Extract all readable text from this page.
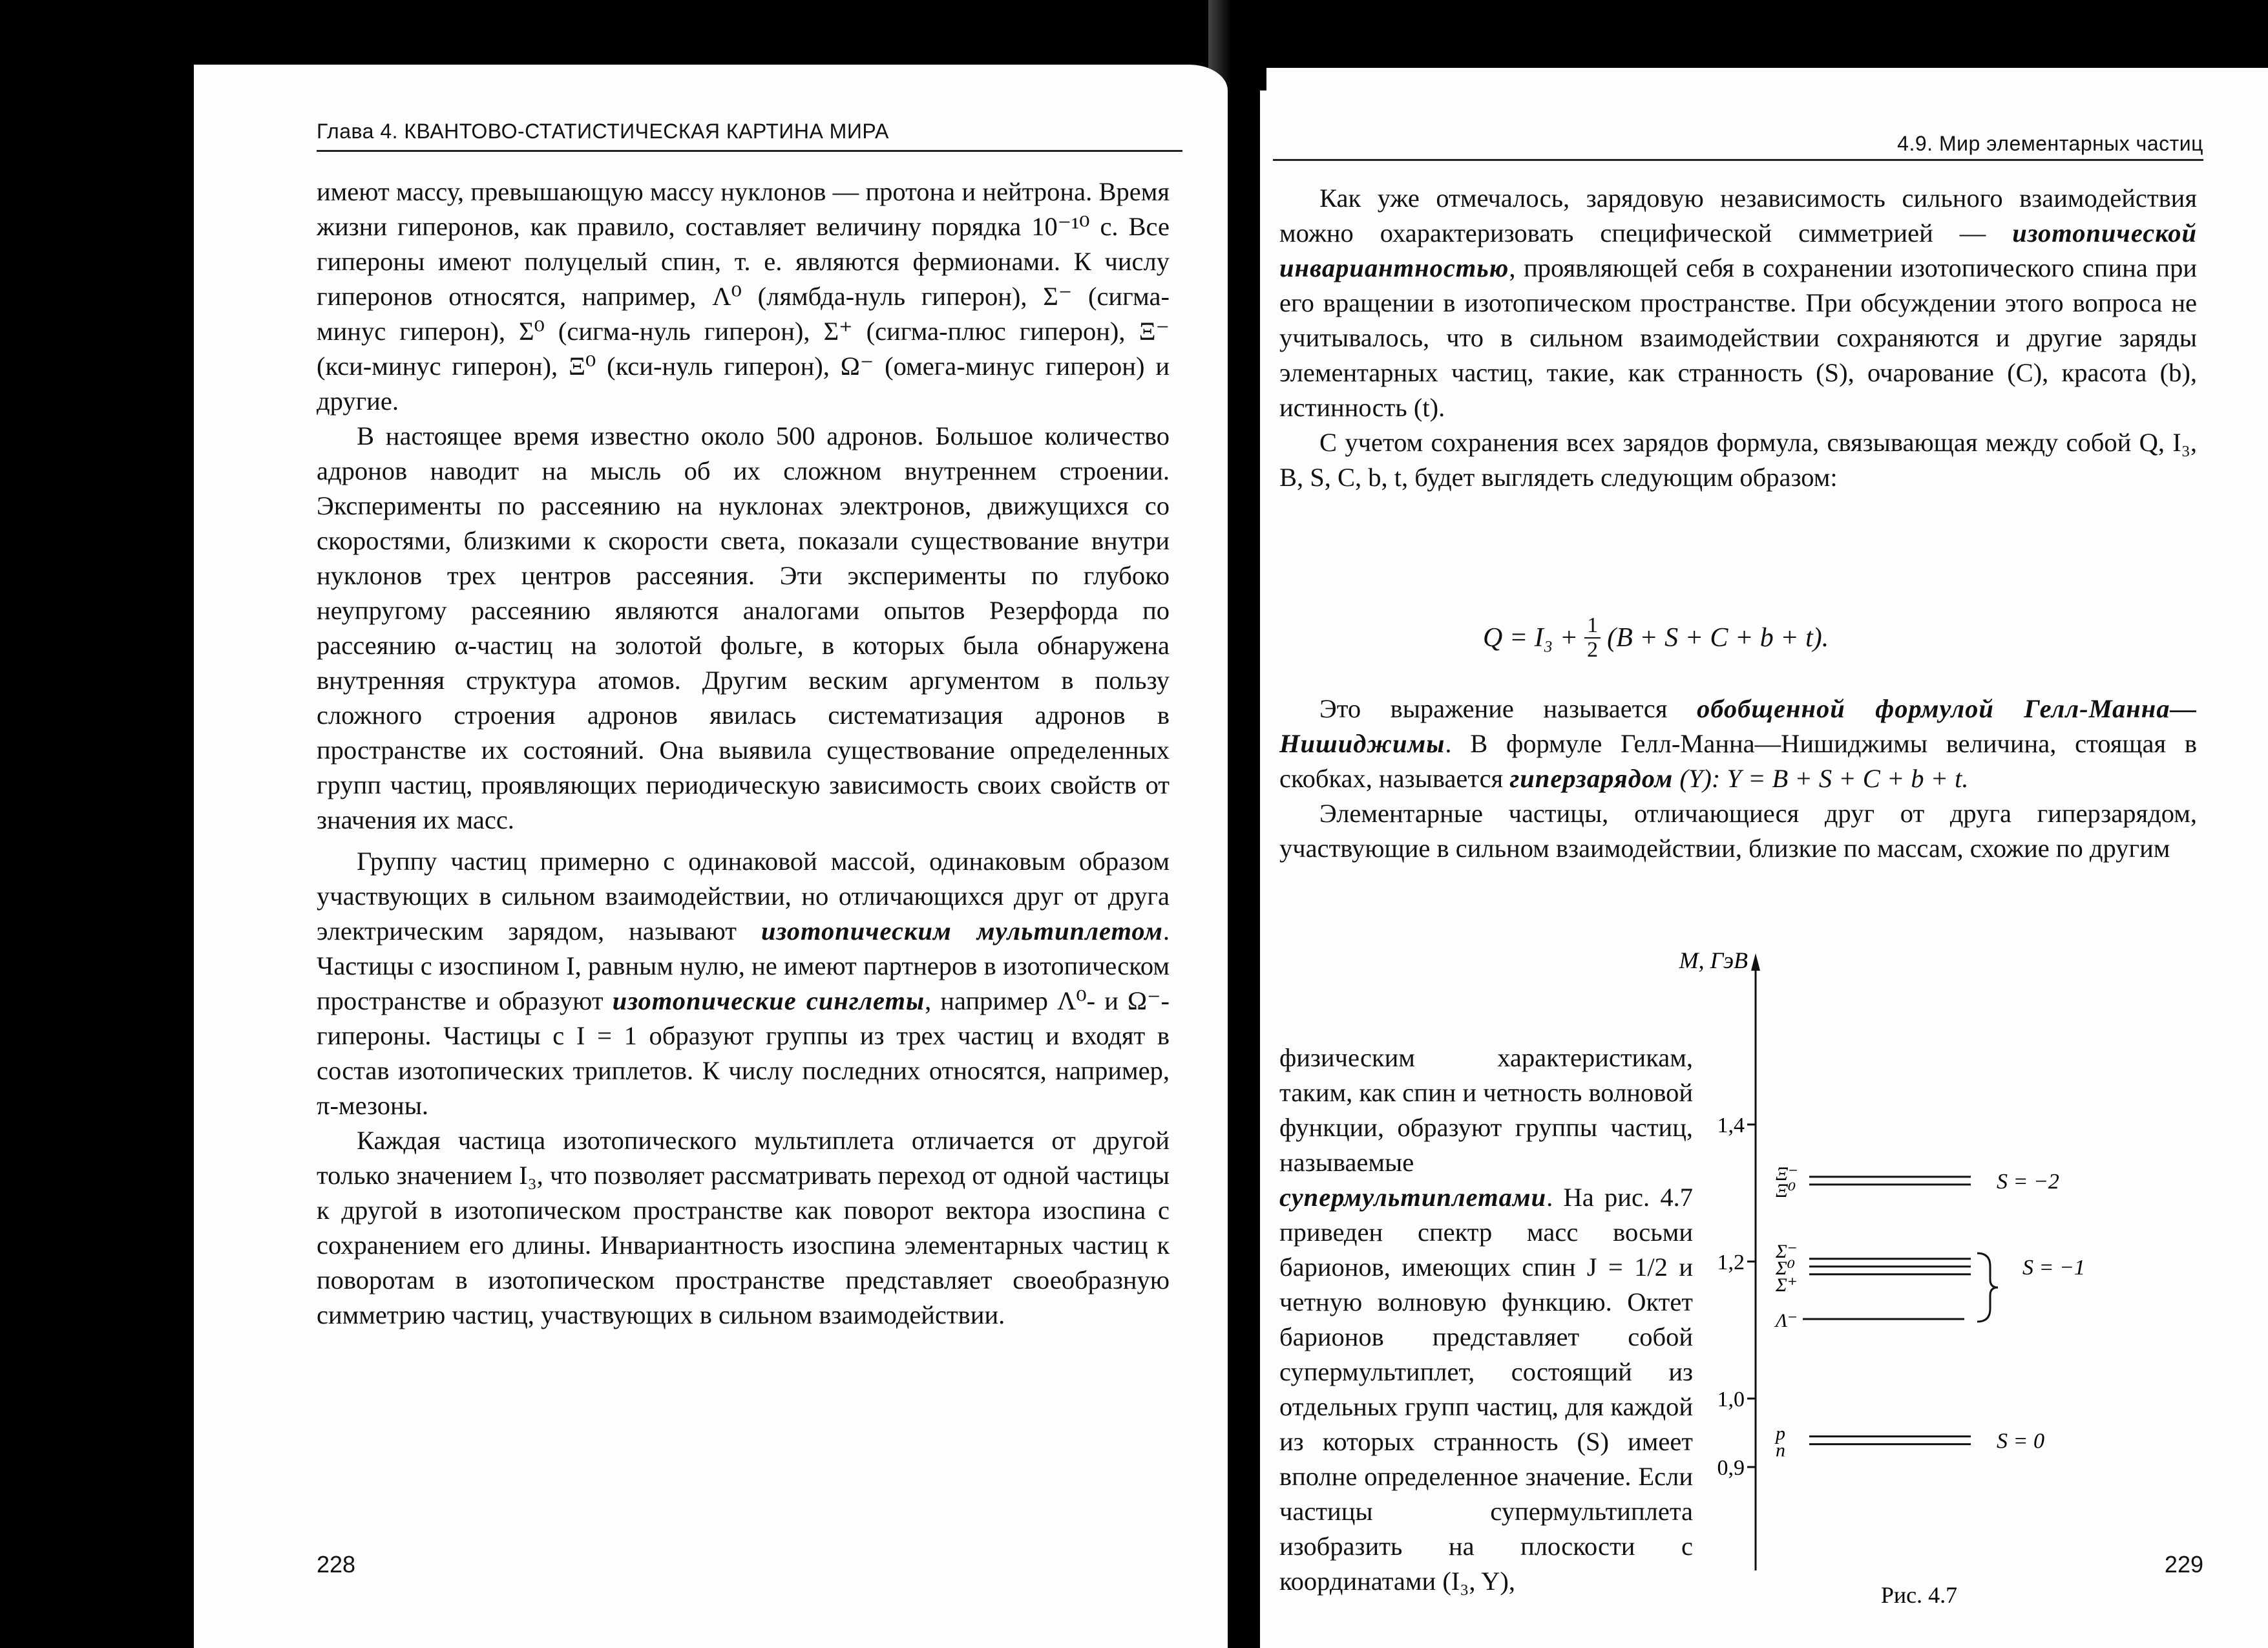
Глава 4. КВАНТОВО-СТАТИСТИЧЕСКАЯ КАРТИНА МИРА

имеют массу, превышающую массу нуклонов — протона и нейтрона. Время жизни гиперонов, как правило, составляет величину порядка 10⁻¹⁰ с. Все гипероны имеют полуцелый спин, т. е. являются фермионами. К числу гиперонов относятся, например, Λ⁰ (лямбда-нуль гиперон), Σ⁻ (сигма-минус гиперон), Σ⁰ (сигма-нуль гиперон), Σ⁺ (сигма-плюс гиперон), Ξ⁻ (кси-минус гиперон), Ξ⁰ (кси-нуль гиперон), Ω⁻ (омега-минус гиперон) и другие.

В настоящее время известно около 500 адронов. Большое количество адронов наводит на мысль об их сложном внутреннем строении. Эксперименты по рассеянию на нуклонах электронов, движущихся со скоростями, близкими к скорости света, показали существование внутри нуклонов трех центров рассеяния. Эти эксперименты по глубоко неупругому рассеянию являются аналогами опытов Резерфорда по рассеянию α-частиц на золотой фольге, в которых была обнаружена внутренняя структура атомов. Другим веским аргументом в пользу сложного строения адронов явилась систематизация адронов в пространстве их состояний. Она выявила существование определенных групп частиц, проявляющих периодическую зависимость своих свойств от значения их масс.

Группу частиц примерно с одинаковой массой, одинаковым образом участвующих в сильном взаимодействии, но отличающихся друг от друга электрическим зарядом, называют изотопическим мультиплетом. Частицы с изоспином I, равным нулю, не имеют партнеров в изотопическом пространстве и образуют изотопические синглеты, например Λ⁰- и Ω⁻-гипероны. Частицы с I = 1 образуют группы из трех частиц и входят в состав изотопических триплетов. К числу последних относятся, например, π-мезоны.

Каждая частица изотопического мультиплета отличается от другой только значением I₃, что позволяет рассматривать переход от одной частицы к другой в изотопическом пространстве как поворот вектора изоспина с сохранением его длины. Инвариантность изоспина элементарных частиц к поворотам в изотопическом пространстве представляет своеобразную симметрию частиц, участвующих в сильном взаимодействии.

228
4.9. Мир элементарных частиц

Как уже отмечалось, зарядовую независимость сильного взаимодействия можно охарактеризовать специфической симметрией — изотопической инвариантностью, проявляющей себя в сохранении изотопического спина при его вращении в изотопическом пространстве. При обсуждении этого вопроса не учитывалось, что в сильном взаимодействии сохраняются и другие заряды элементарных частиц, такие, как странность (S), очарование (C), красота (b), истинность (t).

С учетом сохранения всех зарядов формула, связывающая между собой Q, I₃, B, S, C, b, t, будет выглядеть следующим образом:

$Q = I_3 + \frac{1}{2} (B + S + C + b + t)$.

Это выражение называется обобщенной формулой Гелл-Манна—Нишиджимы. В формуле Гелл-Манна—Нишиджимы величина, стоящая в скобках, называется гиперзарядом (Y): Y = B + S + C + b + t.

Элементарные частицы, отличающиеся друг от друга гиперзарядом, участвующие в сильном взаимодействии, близкие по массам, схожие по другим

физическим характеристикам, таким, как спин и четность волновой функции, образуют группы частиц, называемые супермультиплетами. На рис. 4.7 приведен спектр масс восьми барионов, имеющих спин J = 1/2 и четную волновую функцию. Октет барионов представляет собой супермультиплет, состоящий из отдельных групп частиц, для каждой из которых странность (S) имеет вполне определенное значение. Если частицы супермультиплета изобразить на плоскости с координатами (I₃, Y),
M, ГэВ
1,4
1,2
1,0
0,9
Ξ⁻
Ξ⁰	S = −2
Σ⁻
Σ⁰
Σ⁺
S = −1
Λ⁻
p
n	S = 0
Рис. 4.7
229
